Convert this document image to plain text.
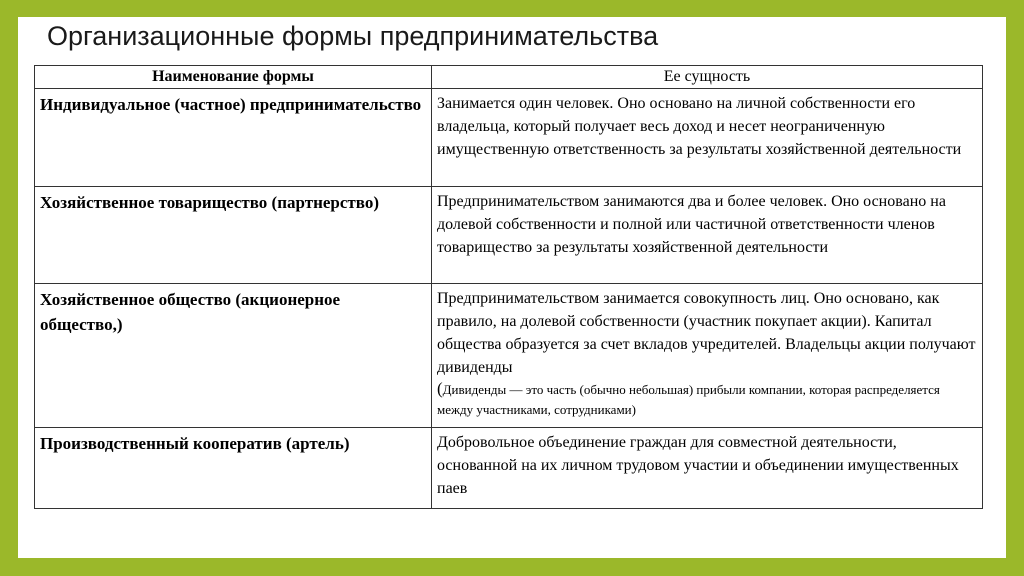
Организационные формы предпринимательства
Наименование формы	Ее сущность
Индивидуальное (частное) предпринимательство	Занимается один человек. Оно основано на личной собственности его владельца, который получает весь доход и несет неограниченную имущественную ответственность за результаты хозяйственной деятельности
Хозяйственное товарищество (партнерство)	Предпринимательством занимаются два и более человек. Оно основано на долевой собственности и полной или частичной ответственности членов товарищество за результаты хозяйственной деятельности
Хозяйственное общество (акционерное общество,)	Предпринимательством занимается совокупность лиц. Оно основано, как правило, на долевой собственности (участник покупает акции). Капитал общества образуется за счет вкладов учредителей. Владельцы акции получают дивиденды
(Дивиденды — это часть (обычно небольшая) прибыли компании, которая распределяется между участниками, сотрудниками)

Производственный кооператив (артель)	Добровольное объединение граждан для совместной деятельности, основанной на их личном трудовом участии и объединении имущественных паев
